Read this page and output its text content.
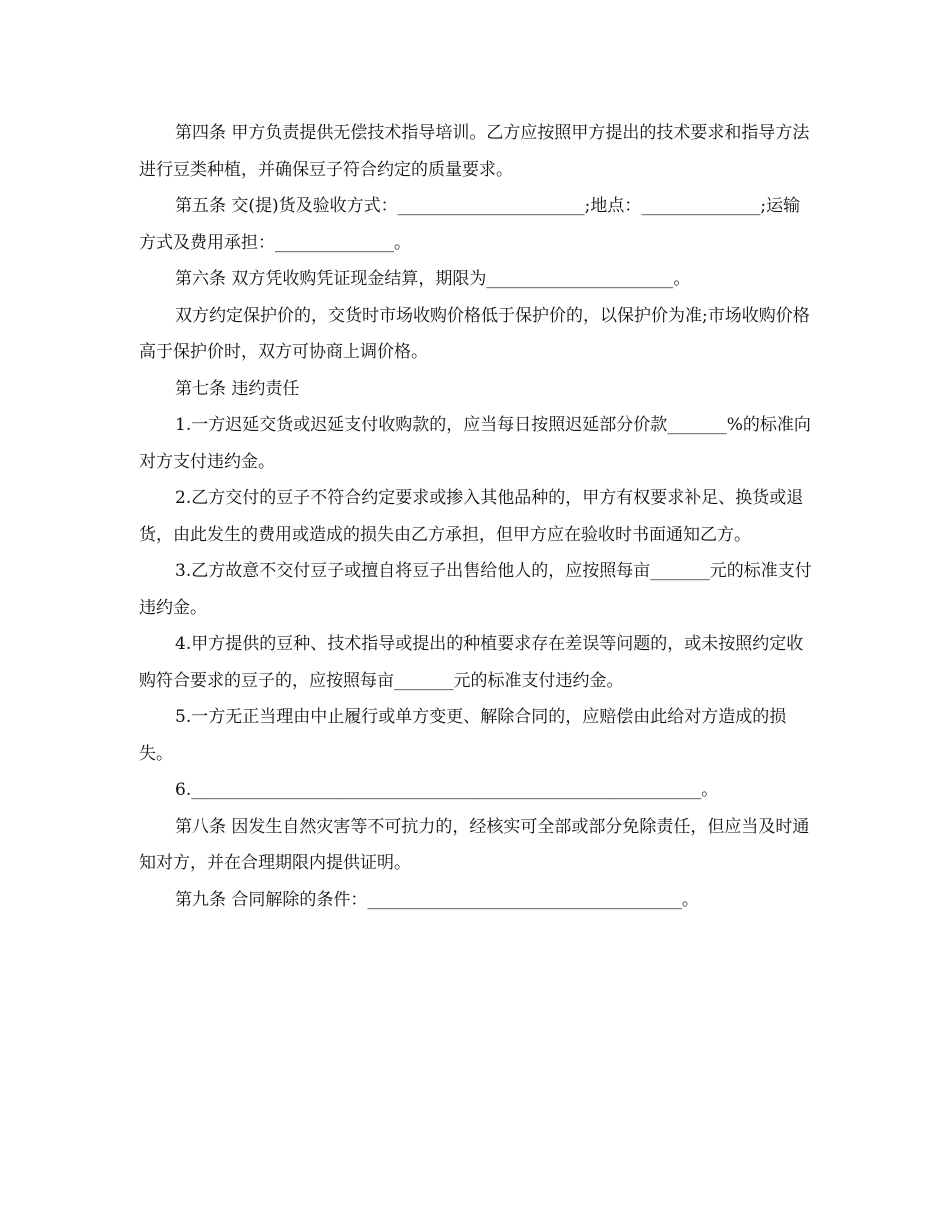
第四条 甲方负责提供无偿技术指导培训。乙方应按照甲方提出的技术要求和指导方法进行豆类种植，并确保豆子符合约定的质量要求。

第五条 交(提)货及验收方式：______________________;地点：______________;运输方式及费用承担：______________。

第六条 双方凭收购凭证现金结算，期限为______________________。

双方约定保护价的，交货时市场收购价格低于保护价的，以保护价为准;市场收购价格高于保护价时，双方可协商上调价格。

第七条 违约责任

1.一方迟延交货或迟延支付收购款的，应当每日按照迟延部分价款_______%的标准向对方支付违约金。

2.乙方交付的豆子不符合约定要求或掺入其他品种的，甲方有权要求补足、换货或退货，由此发生的费用或造成的损失由乙方承担，但甲方应在验收时书面通知乙方。

3.乙方故意不交付豆子或擅自将豆子出售给他人的，应按照每亩_______元的标准支付违约金。

4.甲方提供的豆种、技术指导或提出的种植要求存在差误等问题的，或未按照约定收购符合要求的豆子的，应按照每亩_______元的标准支付违约金。

5.一方无正当理由中止履行或单方变更、解除合同的，应赔偿由此给对方造成的损失。

6.____________________________________________________________。

第八条 因发生自然灾害等不可抗力的，经核实可全部或部分免除责任，但应当及时通知对方，并在合理期限内提供证明。

第九条 合同解除的条件：_____________________________________。
